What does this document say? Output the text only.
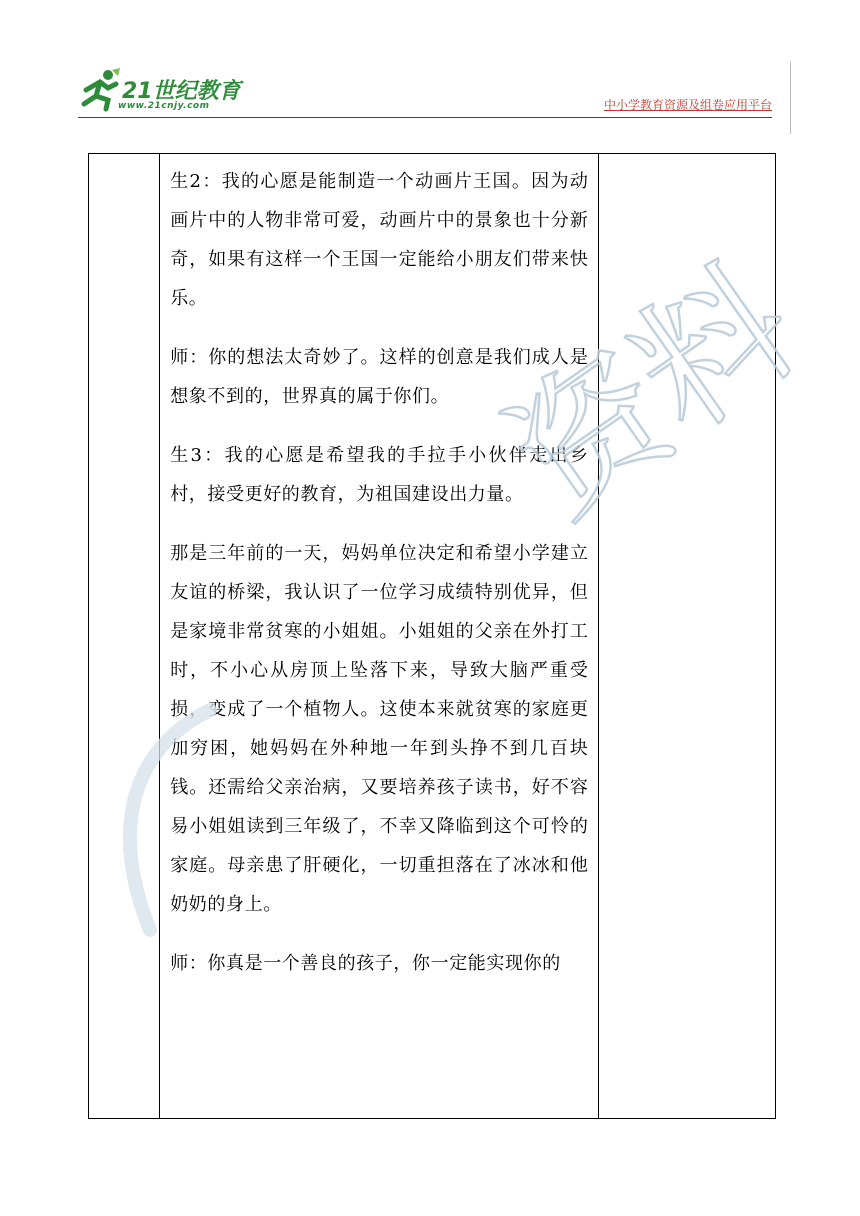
21世纪教育
www.21cnjy.com	中小学教育资源及组卷应用平台

生2：我的心愿是能制造一个动画片王国。因为动画片中的人物非常可爱，动画片中的景象也十分新奇，如果有这样一个王国一定能给小朋友们带来快乐。

师：你的想法太奇妙了。这样的创意是我们成人是想象不到的，世界真的属于你们。

生3：我的心愿是希望我的手拉手小伙伴走出乡村，接受更好的教育，为祖国建设出力量。

那是三年前的一天，妈妈单位决定和希望小学建立友谊的桥梁，我认识了一位学习成绩特别优异，但是家境非常贫寒的小姐姐。小姐姐的父亲在外打工时，不小心从房顶上坠落下来，导致大脑严重受损，变成了一个植物人。这使本来就贫寒的家庭更加穷困，她妈妈在外种地一年到头挣不到几百块钱。还需给父亲治病，又要培养孩子读书，好不容易小姐姐读到三年级了，不幸又降临到这个可怜的家庭。母亲患了肝硬化，一切重担落在了冰冰和他奶奶的身上。

师：你真是一个善良的孩子，你一定能实现你的

资料
